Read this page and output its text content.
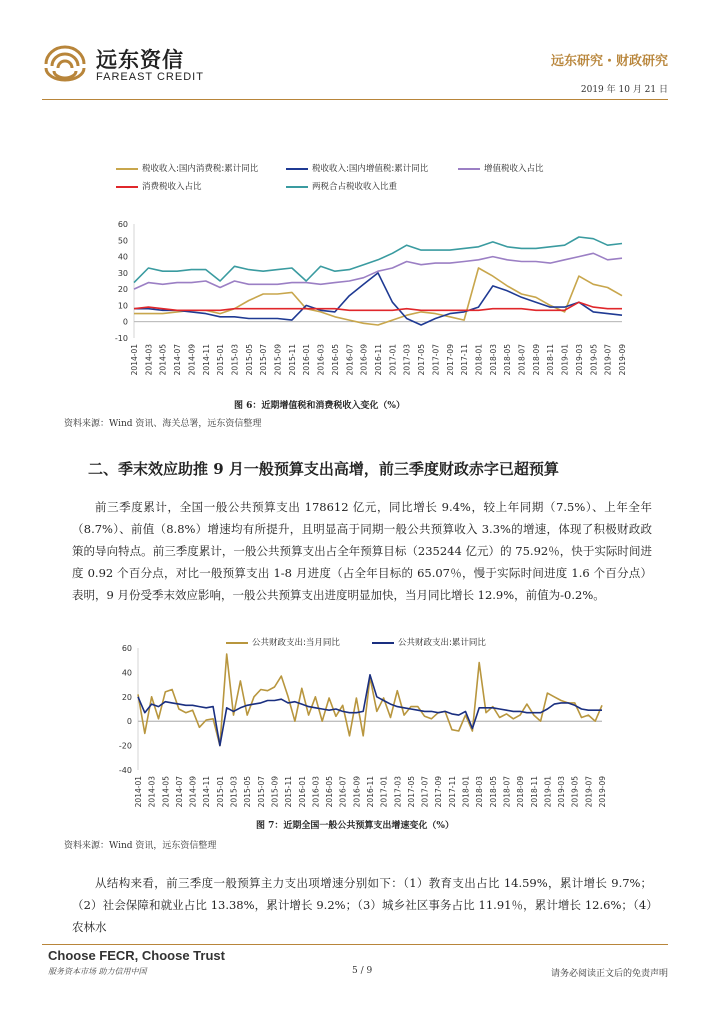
远东资信
FAREAST CREDIT
远东研究・财政研究
2019 年 10 月 21 日
税收收入:国内消费税:累计同比	税收收入:国内增值税:累计同比	增值税收入占比
消费税收入占比	两税合占税收收入比重
-10
0
10
20
30
40
50
60
2014-01 2014-03 2014-05 2014-07 2014-09 2014-11 2015-01 2015-03 2015-05 2015-07 2015-09 2015-11 2016-01 2016-03 2016-05 2016-07 2016-09 2016-11 2017-01 2017-03 2017-05 2017-07 2017-09 2017-11 2018-01 2018-03 2018-05 2018-07 2018-09 2018-11 2019-01 2019-03 2019-05 2019-07 2019-09
图 6：近期增值税和消费税收入变化（%）
资料来源：Wind 资讯、海关总署，远东资信整理
二、季末效应助推 9 月一般预算支出高增，前三季度财政赤字已超预算
前三季度累计，全国一般公共预算支出 178612 亿元，同比增长 9.4%，较上年同期（7.5%）、上年全年（8.7%）、前值（8.8%）增速均有所提升，且明显高于同期一般公共预算收入 3.3%的增速，体现了积极财政政策的导向特点。前三季度累计，一般公共预算支出占全年预算目标（235244 亿元）的 75.92％，快于实际时间进度 0.92 个百分点，对比一般预算支出 1-8 月进度（占全年目标的 65.07％，慢于实际时间进度 1.6 个百分点）表明，9 月份受季末效应影响，一般公共预算支出进度明显加快，当月同比增长 12.9%，前值为-0.2%。
公共财政支出:当月同比	公共财政支出:累计同比
-40
-20
0
20
40
60
2014-01 2014-03 2014-05 2014-07 2014-09 2014-11 2015-01 2015-03 2015-05 2015-07 2015-09 2015-11 2016-01 2016-03 2016-05 2016-07 2016-09 2016-11 2017-01 2017-03 2017-05 2017-07 2017-09 2017-11 2018-01 2018-03 2018-05 2018-07 2018-09 2018-11 2019-01 2019-03 2019-05 2019-07 2019-09
图 7：近期全国一般公共预算支出增速变化（%）
资料来源：Wind 资讯，远东资信整理
从结构来看，前三季度一般预算主力支出项增速分别如下：（1）教育支出占比 14.59%，累计增长 9.7%；（2）社会保障和就业占比 13.38%，累计增长 9.2%；（3）城乡社区事务占比 11.91％，累计增长 12.6%；（4）农林水
Choose FECR, Choose Trust
服务资本市场 助力信用中国	5 / 9	请务必阅读正文后的免责声明
